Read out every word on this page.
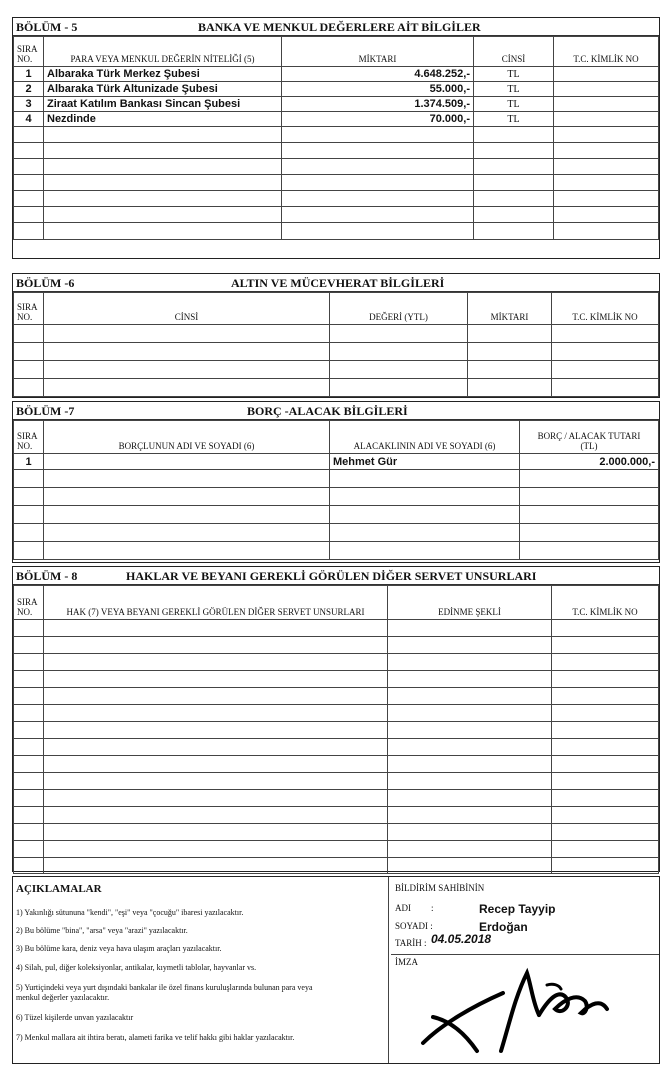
BÖLÜM - 5	BANKA VE MENKUL DEĞERLERE AİT BİLGİLER
SIRA
NO.	PARA VEYA MENKUL DEĞERİN NİTELİĞİ (5)	MİKTARI	CİNSİ	T.C. KİMLİK NO
1	Albaraka Türk Merkez Şubesi	4.648.252,-	TL	
2	Albaraka Türk Altunizade Şubesi	55.000,-	TL	
3	Ziraat Katılım Bankası Sincan Şubesi	1.374.509,-	TL	
4	Nezdinde	70.000,-	TL	

BÖLÜM -6	ALTIN VE MÜCEVHERAT BİLGİLERİ
SIRA
NO.	CİNSİ	DEĞERİ (YTL)	MİKTARI	T.C. KİMLİK NO

BÖLÜM -7	BORÇ -ALACAK BİLGİLERİ
SIRA
NO.	BORÇLUNUN ADI VE SOYADI (6)	ALACAKLININ ADI VE SOYADI (6)	BORÇ / ALACAK TUTARI
(TL)
1		Mehmet Gür	2.000.000,-

BÖLÜM - 8	HAKLAR VE BEYANI GEREKLİ GÖRÜLEN DİĞER SERVET UNSURLARI
SIRA
NO.	HAK (7) VEYA BEYANI GEREKLİ GÖRÜLEN DİĞER SERVET UNSURLARI	EDİNME ŞEKLİ	T.C. KİMLİK NO

AÇIKLAMALAR
1) Yakınlığı sütununa "kendi", "eşi" veya "çocuğu" ibaresi yazılacaktır.
2) Bu bölüme "bina", "arsa" veya "arazi" yazılacaktır.
3) Bu bölüme kara, deniz veya hava ulaşım araçları yazılacaktır.
4) Silah, pul, diğer koleksiyonlar, antikalar, kıymetli tablolar, hayvanlar vs.
5) Yurtiçindeki veya yurt dışındaki bankalar ile özel finans kuruluşlarında bulunan para veya
menkul değerler yazılacaktır.
6) Tüzel kişilerde unvan yazılacaktır
7) Menkul mallara ait ihtira beratı, alameti farika ve telif hakkı gibi haklar yazılacaktır.
BİLDİRİM SAHİBİNİN
ADI :	Recep Tayyip
SOYADI :	Erdoğan
TARİH : 04.05.2018
İMZA
